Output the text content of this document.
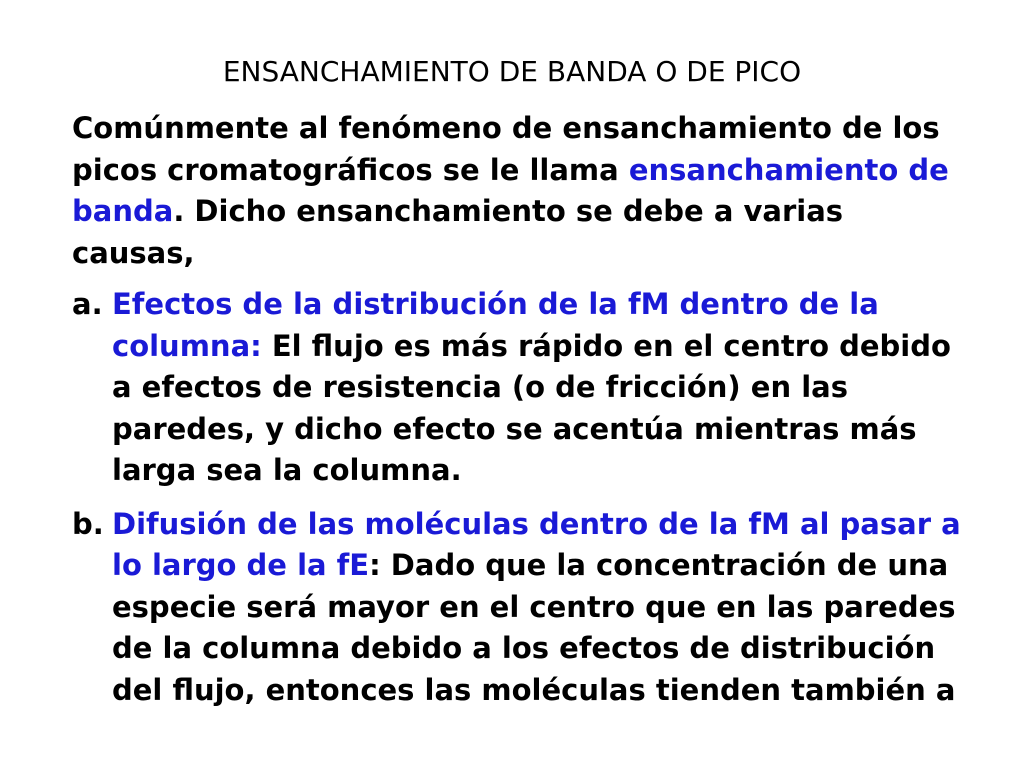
ENSANCHAMIENTO DE BANDA O DE PICO
Comúnmente al fenómeno de ensanchamiento de los
picos cromatográficos se le llama ensanchamiento de
banda. Dicho ensanchamiento se debe a varias
causas,
a. Efectos de la distribución de la fM dentro de la
columna: El flujo es más rápido en el centro debido
a efectos de resistencia (o de fricción) en las
paredes, y dicho efecto se acentúa mientras más
larga sea la columna.
b. Difusión de las moléculas dentro de la fM al pasar a
lo largo de la fE: Dado que la concentración de una
especie será mayor en el centro que en las paredes
de la columna debido a los efectos de distribución
del flujo, entonces las moléculas tienden también a
